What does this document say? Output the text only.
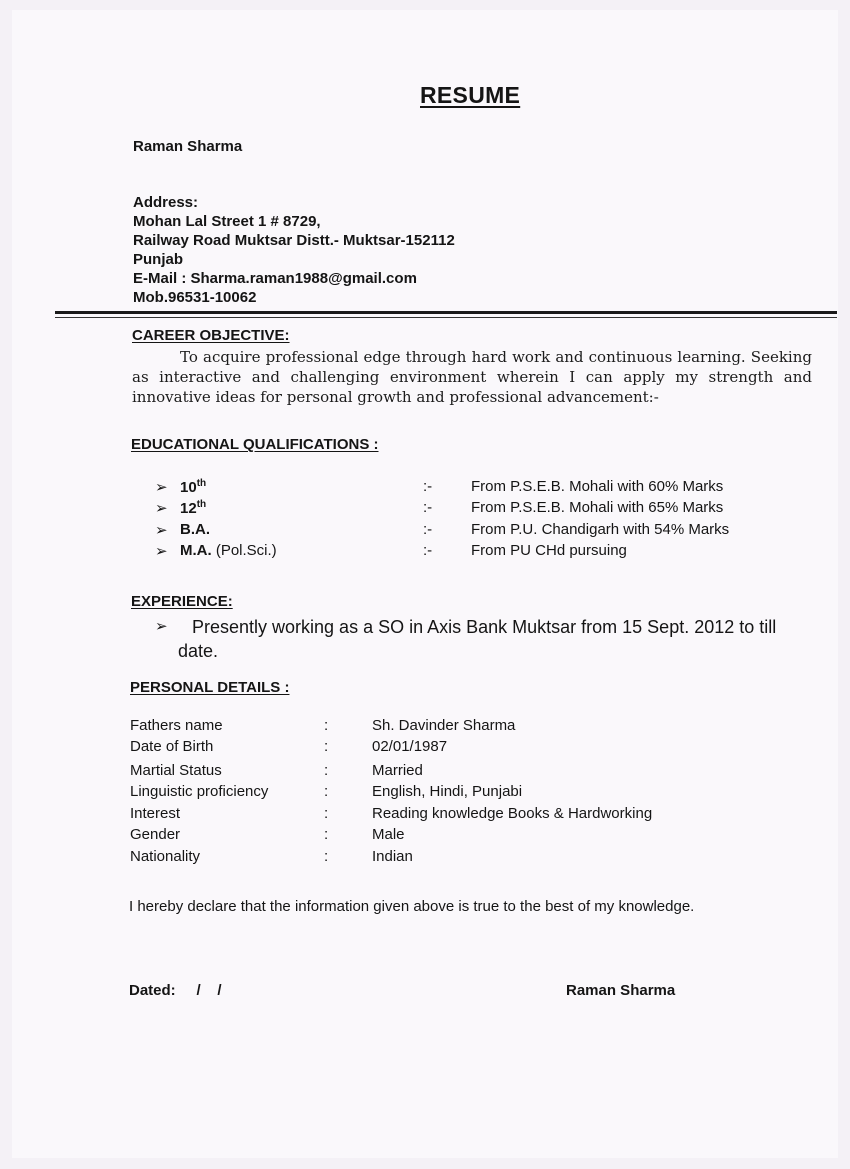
RESUME
Raman Sharma
Address:
Mohan Lal Street 1 # 8729,
Railway Road Muktsar Distt.- Muktsar-152112
Punjab
E-Mail : Sharma.raman1988@gmail.com
Mob.96531-10062
CAREER OBJECTIVE:
To acquire professional edge through hard work and continuous learning. Seeking as interactive and challenging environment wherein I can apply my strength and innovative ideas for personal growth and professional advancement:-
EDUCATIONAL QUALIFICATIONS :
➢ 10th	:-	From P.S.E.B. Mohali with 60% Marks
➢ 12th	:-	From P.S.E.B. Mohali with 65% Marks
➢ B.A.	:-	From P.U. Chandigarh with 54% Marks
➢ M.A. (Pol.Sci.)	:-	From PU CHd pursuing
EXPERIENCE:
➢ Presently working as a SO in Axis Bank Muktsar from 15 Sept. 2012 to till
date.
PERSONAL DETAILS :
Fathers name	:	Sh. Davinder Sharma
Date of Birth	:	02/01/1987
Martial Status	:	Married
Linguistic proficiency	:	English, Hindi, Punjabi
Interest	:	Reading knowledge Books & Hardworking
Gender	:	Male
Nationality	:	Indian
I hereby declare that the information given above is true to the best of my knowledge.
Dated:     /    /	Raman Sharma
